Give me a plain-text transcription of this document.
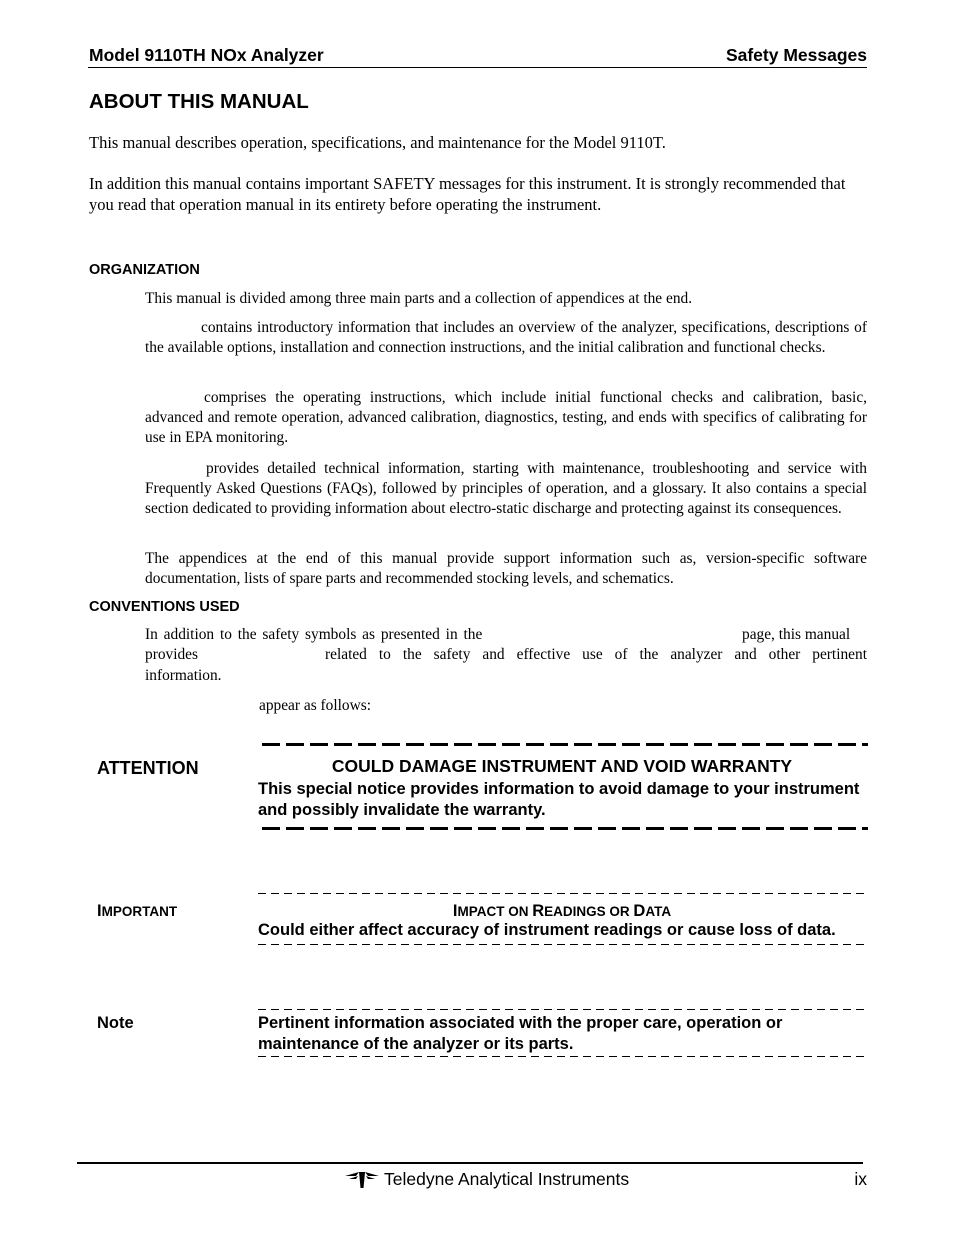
Model 9110TH NOx Analyzer	Safety Messages
ABOUT THIS MANUAL

This manual describes operation, specifications, and maintenance for the Model 9110T.

In addition this manual contains important SAFETY messages for this instrument. It is strongly recommended that you read that operation manual in its entirety before operating the instrument.

ORGANIZATION

This manual is divided among three main parts and a collection of appendices at the end.

contains introductory information that includes an overview of the analyzer, specifications, descriptions of the available options, installation and connection instructions, and the initial calibration and functional checks.

comprises the operating instructions, which include initial functional checks and calibration, basic, advanced and remote operation, advanced calibration, diagnostics, testing, and ends with specifics of calibrating for use in EPA monitoring.

provides detailed technical information, starting with maintenance, troubleshooting and service with Frequently Asked Questions (FAQs), followed by principles of operation, and a glossary. It also contains a special section dedicated to providing information about electro-static discharge and protecting against its consequences.

The appendices at the end of this manual provide support information such as, version-specific software documentation, lists of spare parts and recommended stocking levels, and schematics.

CONVENTIONS USED
In addition to the safety symbols as presented in the	page, this manual
provides	related to the safety and effective use of the analyzer and other pertinent
information.
appear as follows:
ATTENTION	COULD DAMAGE INSTRUMENT AND VOID WARRANTY
This special notice provides information to avoid damage to your instrument and possibly invalidate the warranty.
IMPORTANT	IMPACT ON READINGS OR DATA
Could either affect accuracy of instrument readings or cause loss of data.
Note	Pertinent information associated with the proper care, operation or maintenance of the analyzer or its parts.
Teledyne Analytical Instruments	ix
